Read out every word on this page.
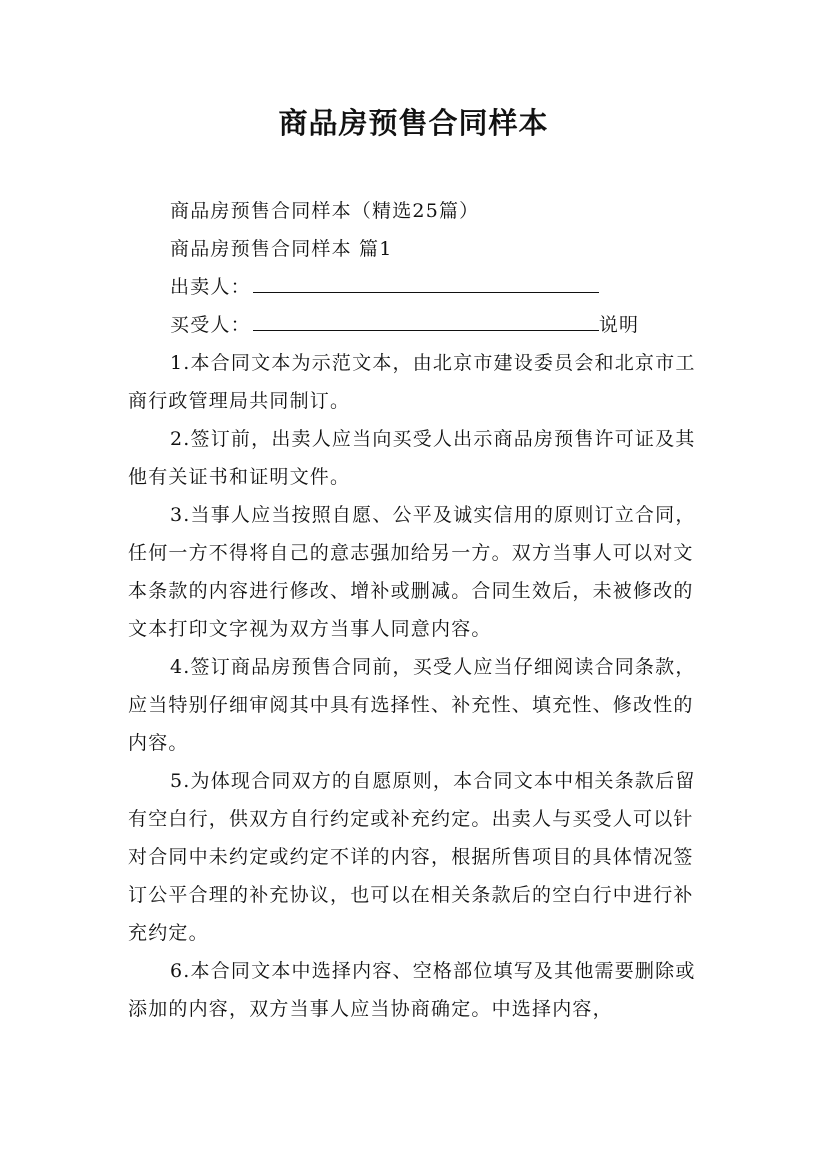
商品房预售合同样本

商品房预售合同样本（精选25篇）

商品房预售合同样本 篇1

出卖人：

买受人：	说明

1.本合同文本为示范文本，由北京市建设委员会和北京市工商行政管理局共同制订。

2.签订前，出卖人应当向买受人出示商品房预售许可证及其他有关证书和证明文件。

3.当事人应当按照自愿、公平及诚实信用的原则订立合同，任何一方不得将自己的意志强加给另一方。双方当事人可以对文本条款的内容进行修改、增补或删减。合同生效后，未被修改的文本打印文字视为双方当事人同意内容。

4.签订商品房预售合同前，买受人应当仔细阅读合同条款，应当特别仔细审阅其中具有选择性、补充性、填充性、修改性的内容。

5.为体现合同双方的自愿原则，本合同文本中相关条款后留有空白行，供双方自行约定或补充约定。出卖人与买受人可以针对合同中未约定或约定不详的内容，根据所售项目的具体情况签订公平合理的补充协议，也可以在相关条款后的空白行中进行补充约定。

6.本合同文本中选择内容、空格部位填写及其他需要删除或添加的内容，双方当事人应当协商确定。中选择内容，
